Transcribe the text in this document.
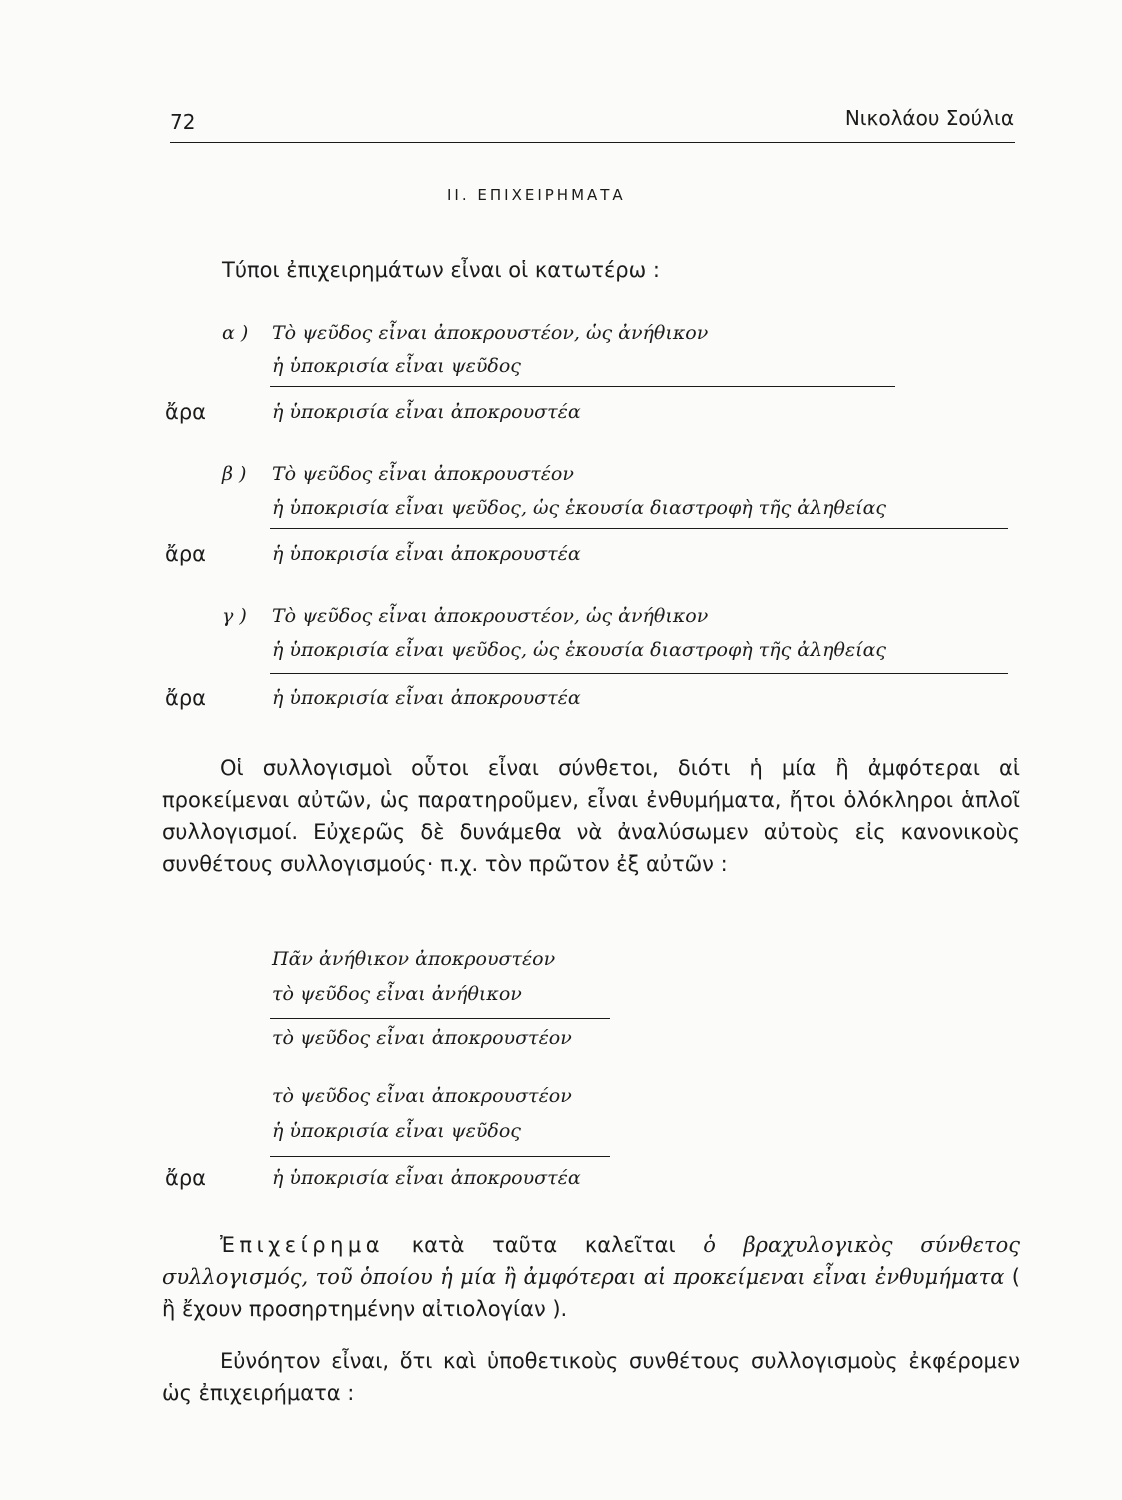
72	Νικολάου Σούλια
ΙΙ. ΕΠΙΧΕΙΡΗΜΑΤΑ
Τύποι ἐπιχειρημάτων εἶναι οἱ κατωτέρω :
α ) Τὸ ψεῦδος εἶναι ἀποκρουστέον, ὡς ἀνήθικον
ἡ ὑποκρισία εἶναι ψεῦδος
ἄρα	ἡ ὑποκρισία εἶναι ἀποκρουστέα
β ) Τὸ ψεῦδος εἶναι ἀποκρουστέον
ἡ ὑποκρισία εἶναι ψεῦδος, ὡς ἑκουσία διαστροφὴ τῆς ἀληθείας
ἄρα	ἡ ὑποκρισία εἶναι ἀποκρουστέα
γ ) Τὸ ψεῦδος εἶναι ἀποκρουστέον, ὡς ἀνήθικον
ἡ ὑποκρισία εἶναι ψεῦδος, ὡς ἑκουσία διαστροφὴ τῆς ἀληθείας
ἄρα	ἡ ὑποκρισία εἶναι ἀποκρουστέα
Οἱ συλλογισμοὶ οὗτοι εἶναι σύνθετοι, διότι ἡ μία ἢ ἀμφότεραι αἱ προκείμεναι αὐτῶν, ὡς παρατηροῦμεν, εἶναι ἐνθυμήματα, ἤτοι ὁλόκληροι ἁπλοῖ συλλογισμοί. Εὐχερῶς δὲ δυνάμεθα νὰ ἀναλύσωμεν αὐτοὺς εἰς κανονικοὺς συνθέτους συλλογισμούς· π.χ. τὸν πρῶτον ἐξ αὐτῶν :
Πᾶν ἀνήθικον ἀποκρουστέον
τὸ ψεῦδος εἶναι ἀνήθικον
τὸ ψεῦδος εἶναι ἀποκρουστέον
τὸ ψεῦδος εἶναι ἀποκρουστέον
ἡ ὑποκρισία εἶναι ψεῦδος
ἄρα	ἡ ὑποκρισία εἶναι ἀποκρουστέα
Ἐπιχείρημα κατὰ ταῦτα καλεῖται ὁ βραχυλογικὸς σύνθετος συλλογισμός, τοῦ ὁποίου ἡ μία ἢ ἀμφότεραι αἱ προκείμεναι εἶναι ἐνθυμήματα ( ἢ ἔχουν προσηρτημένην αἰτιολογίαν ).
Εὐνόητον εἶναι, ὅτι καὶ ὑποθετικοὺς συνθέτους συλλογισμοὺς ἐκφέρομεν ὡς ἐπιχειρήματα :
